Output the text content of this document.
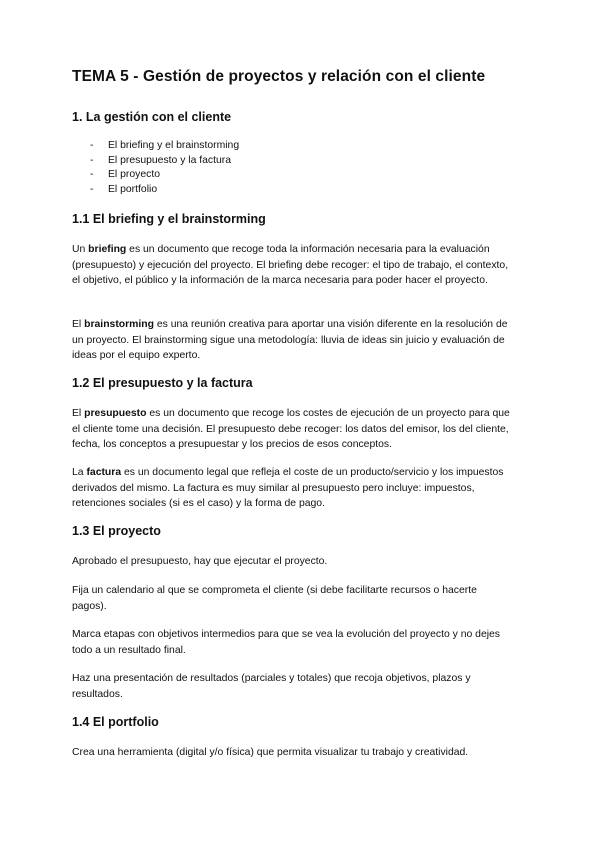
TEMA 5 - Gestión de proyectos y relación con el cliente
1. La gestión con el cliente
- El briefing y el brainstorming
- El presupuesto y la factura
- El proyecto
- El portfolio
1.1 El briefing y el brainstorming

Un briefing es un documento que recoge toda la información necesaria para la evaluación (presupuesto) y ejecución del proyecto. El briefing debe recoger: el tipo de trabajo, el contexto, el objetivo, el público y la información de la marca necesaria para poder hacer el proyecto.

El brainstorming es una reunión creativa para aportar una visión diferente en la resolución de un proyecto. El brainstorming sigue una metodología: lluvia de ideas sin juicio y evaluación de ideas por el equipo experto.

1.2 El presupuesto y la factura

El presupuesto es un documento que recoge los costes de ejecución de un proyecto para que el cliente tome una decisión. El presupuesto debe recoger: los datos del emisor, los del cliente, fecha, los conceptos a presupuestar y los precios de esos conceptos.

La factura es un documento legal que refleja el coste de un producto/servicio y los impuestos derivados del mismo. La factura es muy similar al presupuesto pero incluye: impuestos, retenciones sociales (si es el caso) y la forma de pago.

1.3 El proyecto

Aprobado el presupuesto, hay que ejecutar el proyecto.

Fija un calendario al que se comprometa el cliente (si debe facilitarte recursos o hacerte pagos).

Marca etapas con objetivos intermedios para que se vea la evolución del proyecto y no dejes todo a un resultado final.

Haz una presentación de resultados (parciales y totales) que recoja objetivos, plazos y resultados.

1.4 El portfolio

Crea una herramienta (digital y/o física) que permita visualizar tu trabajo y creatividad.
